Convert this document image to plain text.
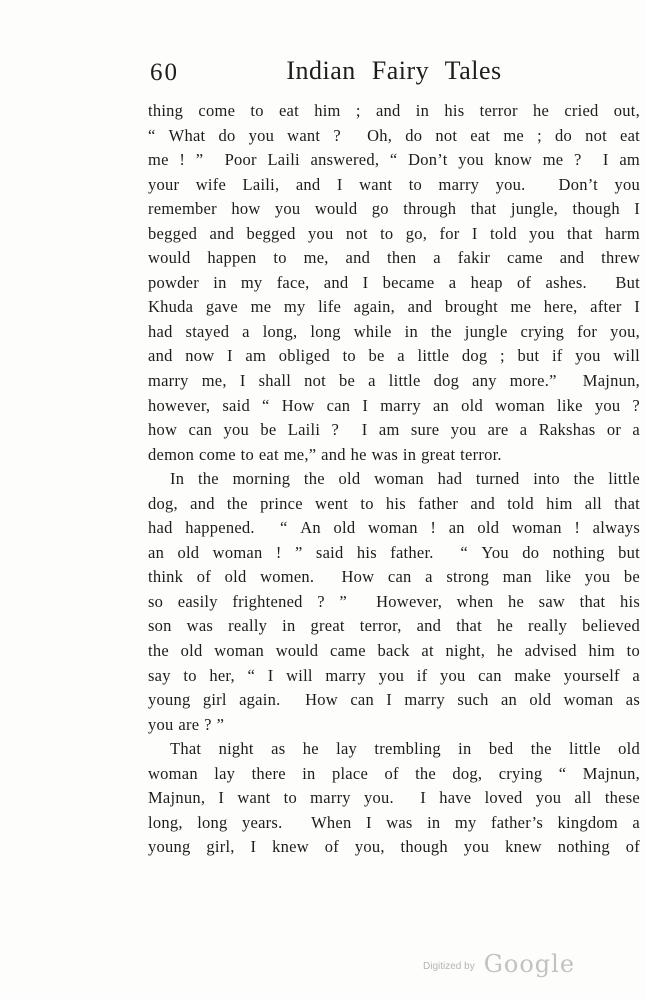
60	Indian Fairy Tales
thing come to eat him ; and in his terror he cried out,
“ What do you want ?  Oh, do not eat me ; do not eat
me ! ”  Poor Laili answered, “ Don’t you know me ?  I am
your wife Laili, and I want to marry you.  Don’t you
remember how you would go through that jungle, though I
begged and begged you not to go, for I told you that harm
would happen to me, and then a fakir came and threw
powder in my face, and I became a heap of ashes.  But
Khuda gave me my life again, and brought me here, after I
had stayed a long, long while in the jungle crying for you,
and now I am obliged to be a little dog ; but if you will
marry me, I shall not be a little dog any more.”  Majnun,
however, said “ How can I marry an old woman like you ?
how can you be Laili ?  I am sure you are a Rakshas or a
demon come to eat me,” and he was in great terror.
In the morning the old woman had turned into the little
dog, and the prince went to his father and told him all that
had happened.  “ An old woman ! an old woman ! always
an old woman ! ” said his father.  “ You do nothing but
think of old women.  How can a strong man like you be
so easily frightened ? ”  However, when he saw that his
son was really in great terror, and that he really believed
the old woman would came back at night, he advised him to
say to her, “ I will marry you if you can make yourself a
young girl again.  How can I marry such an old woman as
you are ? ”
That night as he lay trembling in bed the little old
woman lay there in place of the dog, crying “ Majnun,
Majnun, I want to marry you.  I have loved you all these
long, long years.  When I was in my father’s kingdom a
young girl, I knew of you, though you knew nothing of
Digitized by Google
